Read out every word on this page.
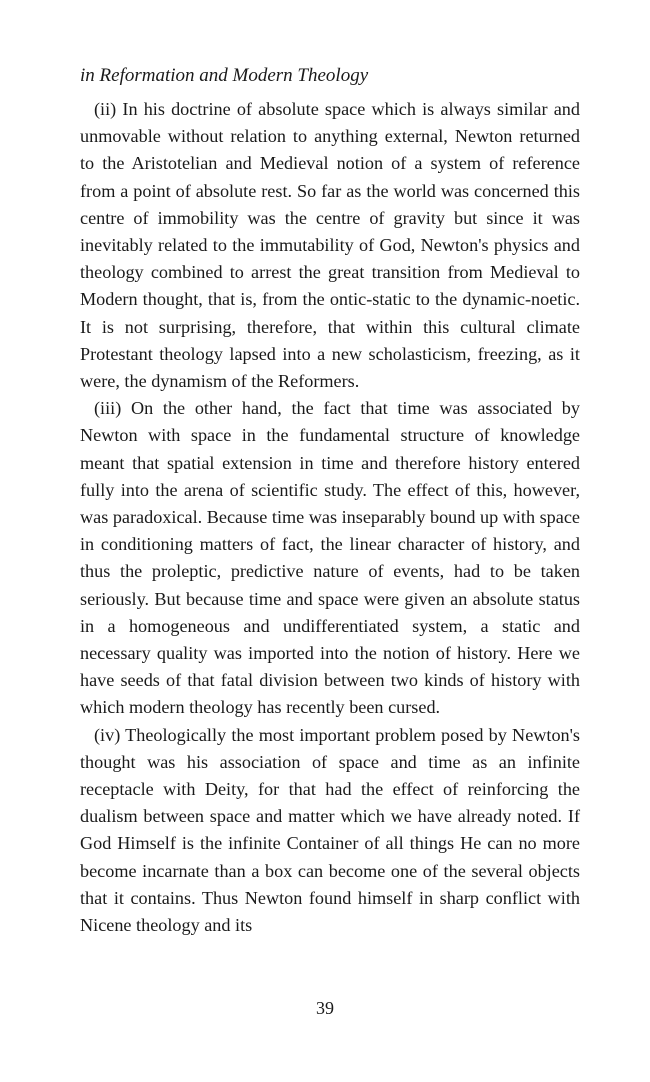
in Reformation and Modern Theology

(ii) In his doctrine of absolute space which is always similar and unmovable without relation to anything external, Newton returned to the Aristotelian and Medieval notion of a system of reference from a point of absolute rest. So far as the world was concerned this centre of immobility was the centre of gravity but since it was inevitably related to the immutability of God, Newton's physics and theology combined to arrest the great transition from Medieval to Modern thought, that is, from the ontic-static to the dynamic-noetic. It is not surprising, therefore, that within this cultural climate Protestant theology lapsed into a new scholasticism, freezing, as it were, the dynamism of the Reformers.

(iii) On the other hand, the fact that time was associated by Newton with space in the fundamental structure of knowledge meant that spatial extension in time and therefore history entered fully into the arena of scientific study. The effect of this, however, was paradoxical. Because time was inseparably bound up with space in conditioning matters of fact, the linear character of history, and thus the proleptic, predictive nature of events, had to be taken seriously. But because time and space were given an absolute status in a homogeneous and undifferentiated system, a static and necessary quality was imported into the notion of history. Here we have seeds of that fatal division between two kinds of history with which modern theology has recently been cursed.

(iv) Theologically the most important problem posed by Newton's thought was his association of space and time as an infinite receptacle with Deity, for that had the effect of reinforcing the dualism between space and matter which we have already noted. If God Himself is the infinite Container of all things He can no more become incarnate than a box can become one of the several objects that it contains. Thus Newton found himself in sharp conflict with Nicene theology and its

39
